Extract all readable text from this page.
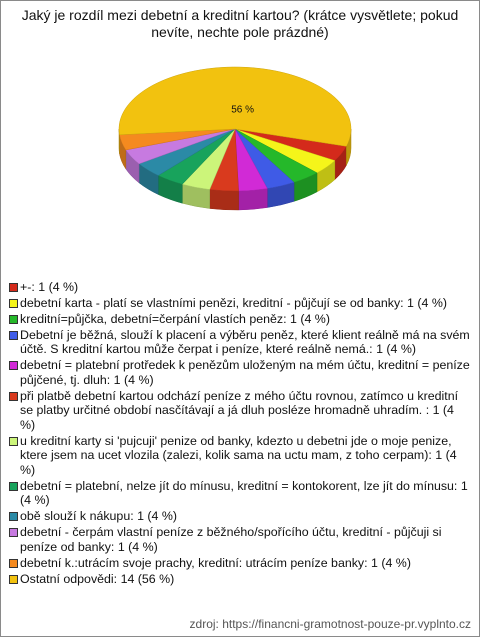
Jaký je rozdíl mezi debetní a kreditní kartou? (krátce vysvětlete; pokud nevíte, nechte pole prázdné)
56 %
+-: 1 (4 %)
debetní karta - platí se vlastními penězi, kreditní - půjčují se od banky: 1 (4 %)
kreditní=půjčka, debetní=čerpání vlastích peněz: 1 (4 %)
Debetní je běžná, slouží k placení a výběru peněz, které klient reálně má na svém účtě. S kreditní kartou může čerpat i peníze, které reálně nemá.: 1 (4 %)
debetní = platební protředek k penězům uloženým na mém účtu, kreditní = peníze půjčené, tj. dluh: 1 (4 %)
při platbě debetní kartou odchází peníze z mého účtu rovnou, zatímco u kreditní se platby určitné období nasčítávají a já dluh posléze hromadně uhradím. : 1 (4 %)
u kreditní karty si 'pujcuji' penize od banky, kdezto u debetni jde o moje penize, ktere jsem na ucet vlozila (zalezi, kolik sama na uctu mam, z toho cerpam): 1 (4 %)
debetní = platební, nelze jít do mínusu, kreditní = kontokorent, lze jít do mínusu: 1 (4 %)
obě slouží k nákupu: 1 (4 %)
debetní - čerpám vlastní peníze z běžného/spořícího účtu, kreditní - půjčuji si peníze od banky: 1 (4 %)
debetní k.:utrácím svoje prachy, kreditní: utrácím peníze banky: 1 (4 %)
Ostatní odpovědi: 14 (56 %)
zdroj: https://financni-gramotnost-pouze-pr.vyplnto.cz
